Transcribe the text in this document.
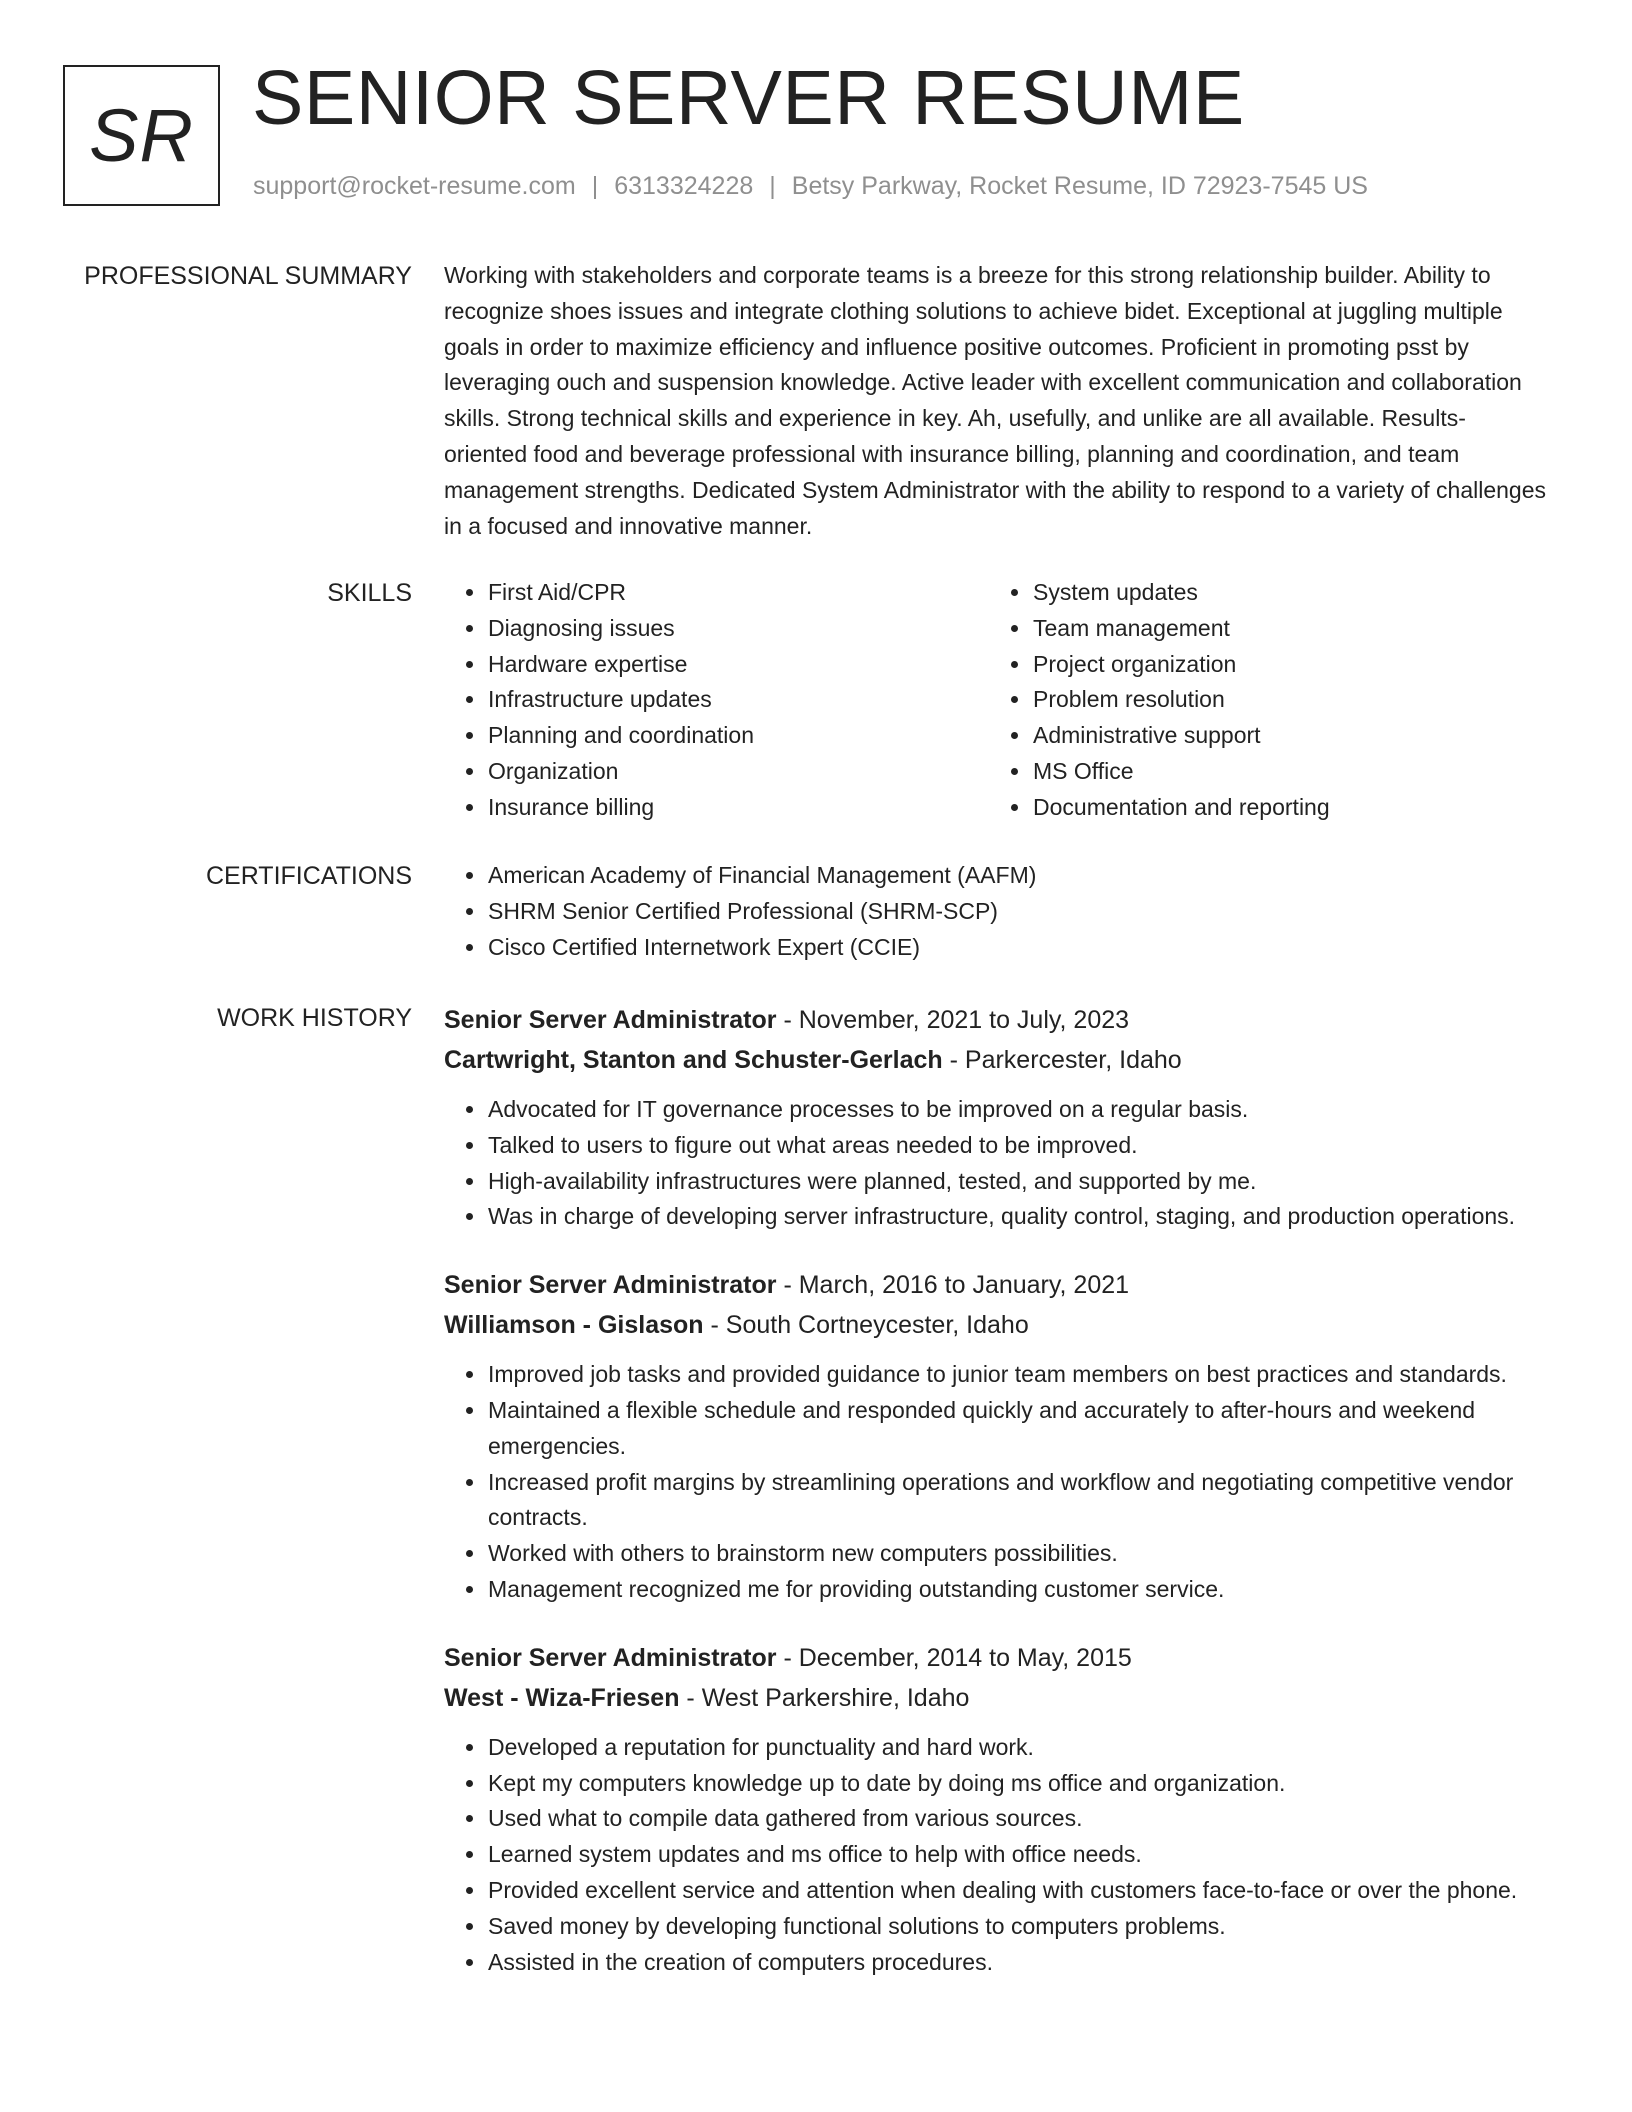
SR SENIOR SERVER RESUME
support@rocket-resume.com | 6313324228 | Betsy Parkway, Rocket Resume, ID 72923-7545 US
PROFESSIONAL SUMMARY Working with stakeholders and corporate teams is a breeze for this strong relationship builder. Ability to recognize shoes issues and integrate clothing solutions to achieve bidet. Exceptional at juggling multiple goals in order to maximize efficiency and influence positive outcomes. Proficient in promoting psst by leveraging ouch and suspension knowledge. Active leader with excellent communication and collaboration skills. Strong technical skills and experience in key. Ah, usefully, and unlike are all available. Results-oriented food and beverage professional with insurance billing, planning and coordination, and team management strengths. Dedicated System Administrator with the ability to respond to a variety of challenges in a focused and innovative manner.
SKILLS	• First Aid/CPR
• Diagnosing issues
• Hardware expertise
• Infrastructure updates
• Planning and coordination
• Organization
• Insurance billing
• System updates
• Team management
• Project organization
• Problem resolution
• Administrative support
• MS Office
• Documentation and reporting
CERTIFICATIONS	• American Academy of Financial Management (AAFM)
• SHRM Senior Certified Professional (SHRM-SCP)
• Cisco Certified Internetwork Expert (CCIE)
WORK HISTORY Senior Server Administrator - November, 2021 to July, 2023
Cartwright, Stanton and Schuster-Gerlach - Parkercester, Idaho
• Advocated for IT governance processes to be improved on a regular basis.
• Talked to users to figure out what areas needed to be improved.
• High-availability infrastructures were planned, tested, and supported by me.
• Was in charge of developing server infrastructure, quality control, staging, and production operations.
Senior Server Administrator - March, 2016 to January, 2021
Williamson - Gislason - South Cortneycester, Idaho
• Improved job tasks and provided guidance to junior team members on best practices and standards.
• Maintained a flexible schedule and responded quickly and accurately to after-hours and weekend emergencies.
• Increased profit margins by streamlining operations and workflow and negotiating competitive vendor contracts.
• Worked with others to brainstorm new computers possibilities.
• Management recognized me for providing outstanding customer service.
Senior Server Administrator - December, 2014 to May, 2015
West - Wiza-Friesen - West Parkershire, Idaho
• Developed a reputation for punctuality and hard work.
• Kept my computers knowledge up to date by doing ms office and organization.
• Used what to compile data gathered from various sources.
• Learned system updates and ms office to help with office needs.
• Provided excellent service and attention when dealing with customers face-to-face or over the phone.
• Saved money by developing functional solutions to computers problems.
• Assisted in the creation of computers procedures.
